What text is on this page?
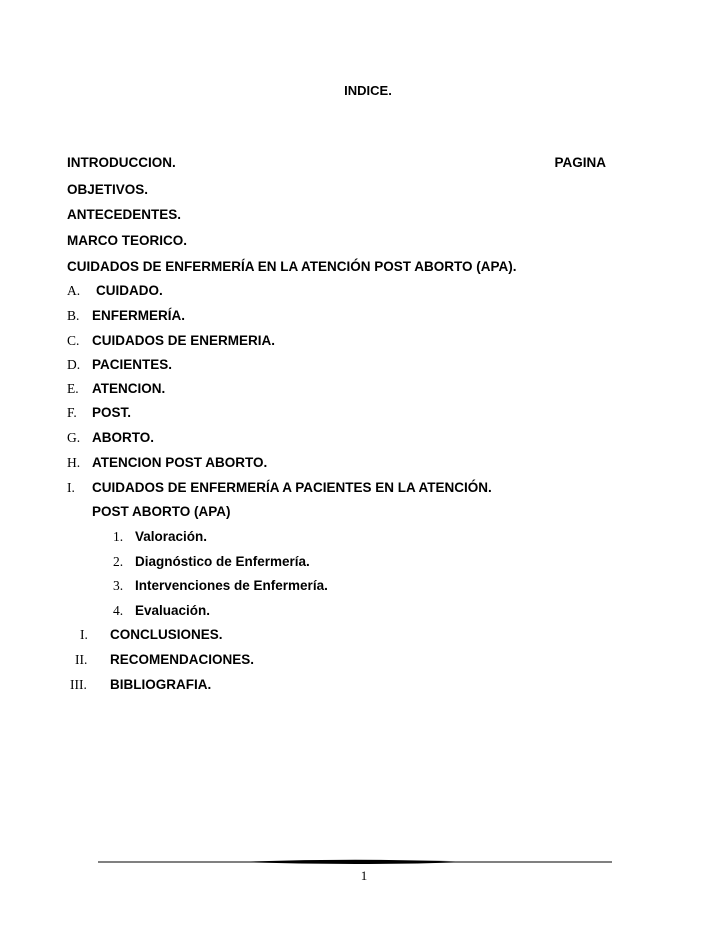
INDICE.
PAGINA
INTRODUCCION.
OBJETIVOS.
ANTECEDENTES.
MARCO TEORICO.
CUIDADOS DE ENFERMERÍA EN LA ATENCIÓN POST ABORTO (APA).
A. CUIDADO.
B. ENFERMERÍA.
C. CUIDADOS DE ENERMERIA.
D. PACIENTES.
E. ATENCION.
F. POST.
G. ABORTO.
H. ATENCION POST ABORTO.
I. CUIDADOS DE ENFERMERÍA A PACIENTES EN LA ATENCIÓN.
POST ABORTO (APA)
1. Valoración.
2. Diagnóstico de Enfermería.
3. Intervenciones de Enfermería.
4. Evaluación.
I. CONCLUSIONES.
II. RECOMENDACIONES.
III. BIBLIOGRAFIA.
1
